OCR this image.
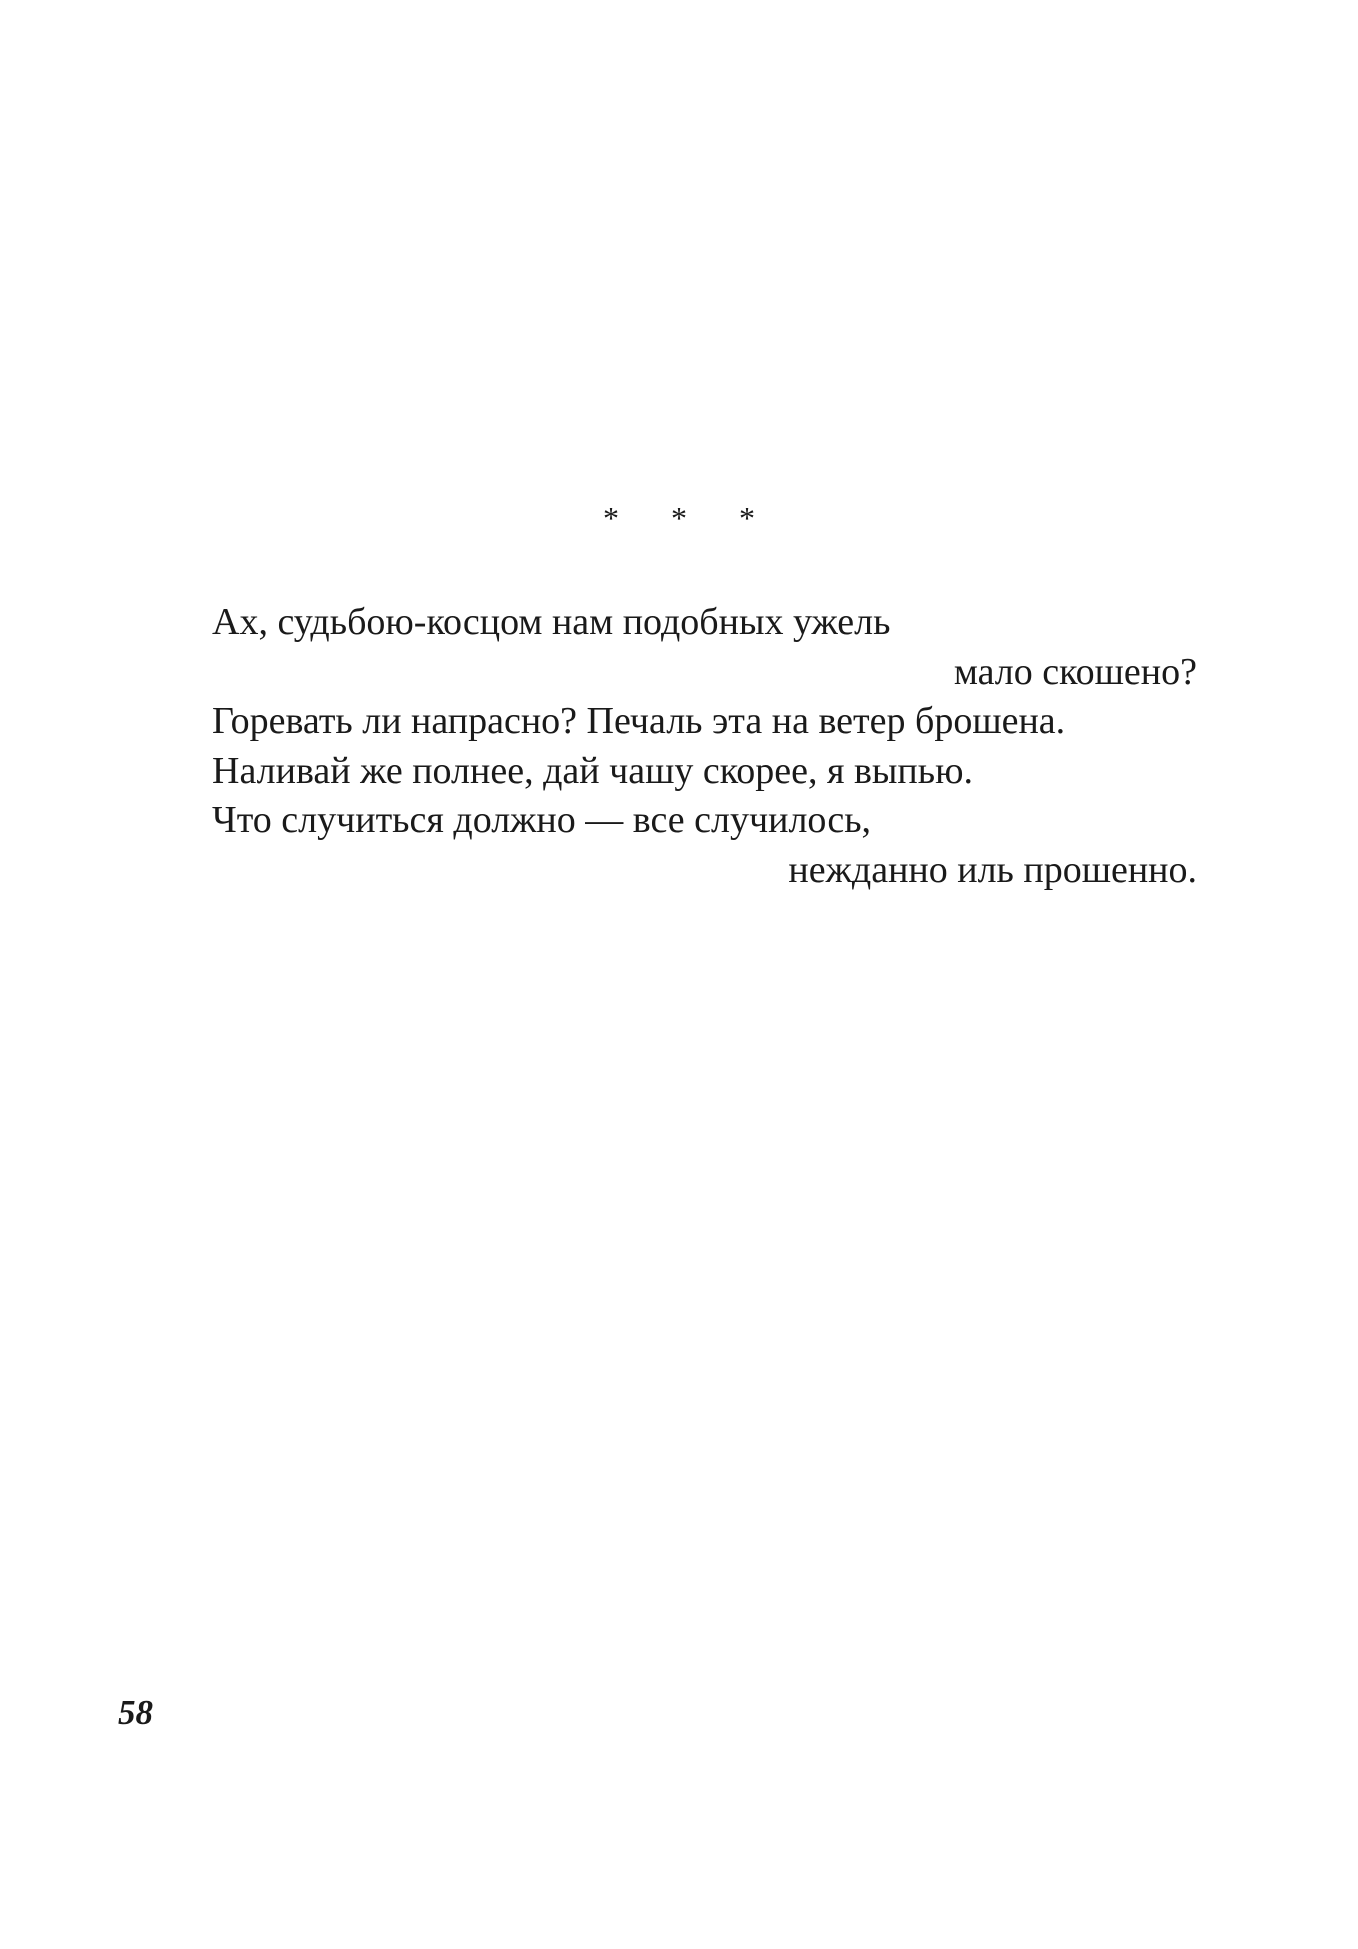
* * *
Ах, судьбою-косцом нам подобных ужель
мало скошено?
Горевать ли напрасно? Печаль эта на ветер брошена.
Наливай же полнее, дай чашу скорее, я выпью.
Что случиться должно — все случилось,
нежданно иль прошенно.
58
